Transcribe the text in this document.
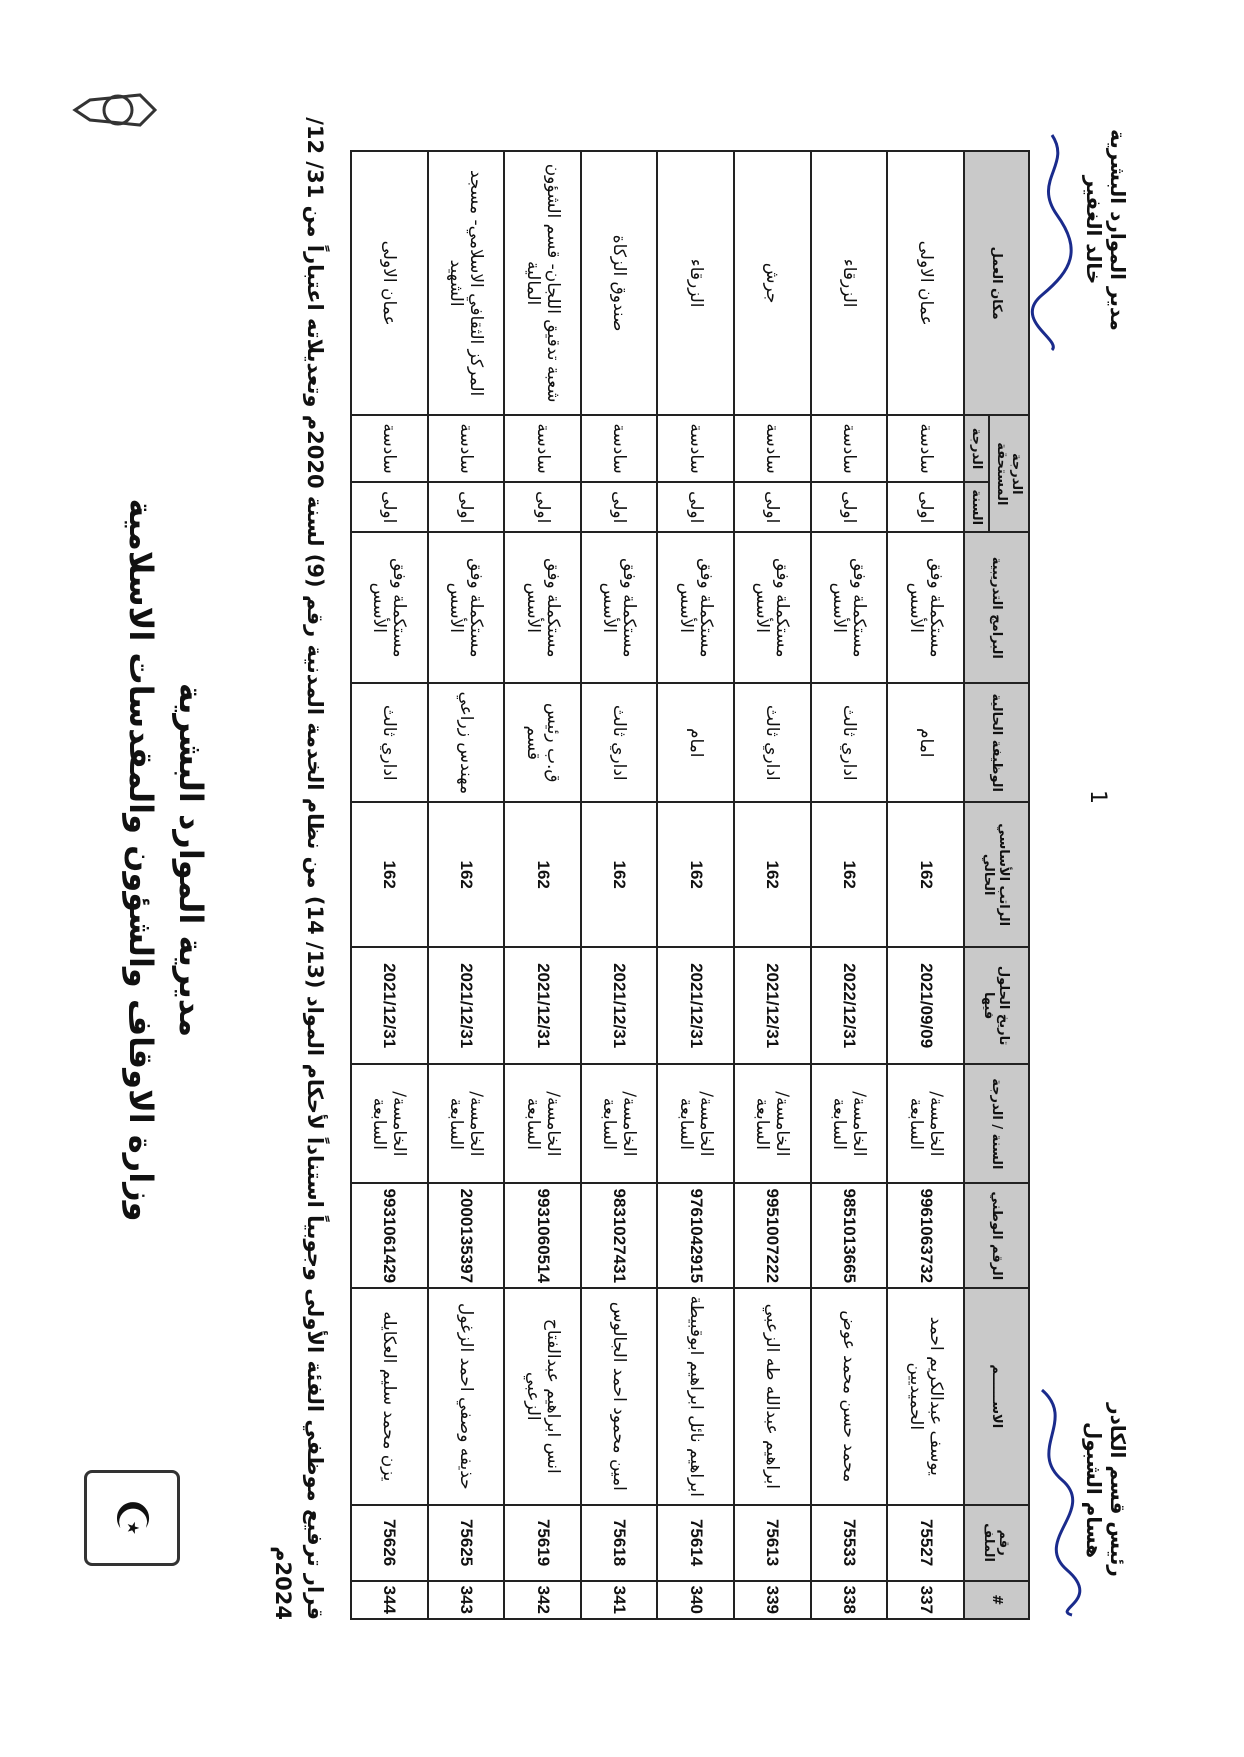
☪
وزارة الاوقاف والشؤون والمقدسات الاسلامية مديرية الموارد البشرية
قرار ترفيع موظفي الفئة الأولى وجوبياً استناداً لأحكام المواد (13/ 14) من نظام الخدمة المدنية رقم (9) لسنة 2020م وتعديلاته اعتباراً من 31/ 12/ 2024م	#	رقم الملف	الاســــــم	الرقم الوطني	السنة / الدرجة	تاريخ الحلول فيها	الراتب الأساسي الحالي	الوظيفة الحالية	البرامج التدريبية	الدرجة المستحقة		مكان العمل
									السنة	الدرجة	
337	75527	يوسف عبدالكريم احمد الحميديين	9961063732	الخامسة/السابعة	2021/09/09	162	امام	مستكملة وفق الأسس	اولى	سادسة	عمان الاولى
338	75533	محمد حسن محمد عوض	9851013665	الخامسة/السابعة	2022/12/31	162	اداري ثالث	مستكملة وفق الأسس	اولى	سادسة	الزرقاء
339	75613	ابراهيم عبدالله طه الزعبي	9951007222	الخامسة/السابعة	2021/12/31	162	اداري ثالث	مستكملة وفق الأسس	اولى	سادسة	جرش
340	75614	ابراهيم نائل ابراهيم ابوقبيطة	9761042915	الخامسة/السابعة	2021/12/31	162	امام	مستكملة وفق الأسس	اولى	سادسة	الزرقاء
341	75618	امين محمود احمد الجالوس	9831027431	الخامسة/السابعة	2021/12/31	162	اداري ثالث	مستكملة وفق الأسس	اولى	سادسة	صندوق الزكاة
342	75619	انس ابراهيم عبدالفتاح الزعبي	9931060514	الخامسة/السابعة	2021/12/31	162	ق.ب رئيس قسم	مستكملة وفق الأسس	اولى	سادسة	شعبة تدقيق اللجان- قسم الشؤون المالية
343	75625	حذيفه وصفي احمد الزغول	2000135397	الخامسة/السابعة	2021/12/31	162	مهندس زراعي	مستكملة وفق الأسس	اولى	سادسة	المركز الثقافي الاسلامي- مسجد الشهيد
344	75626	يزن محمد سليم العكايله	9931061429	الخامسة/السابعة	2021/12/31	162	اداري ثالث	مستكملة وفق الأسس	اولى	سادسة	عمان الاولى
رئيس قسم الكادر
هسام الشبول
مدير الموارد البشرية
خالد الغفير
1
